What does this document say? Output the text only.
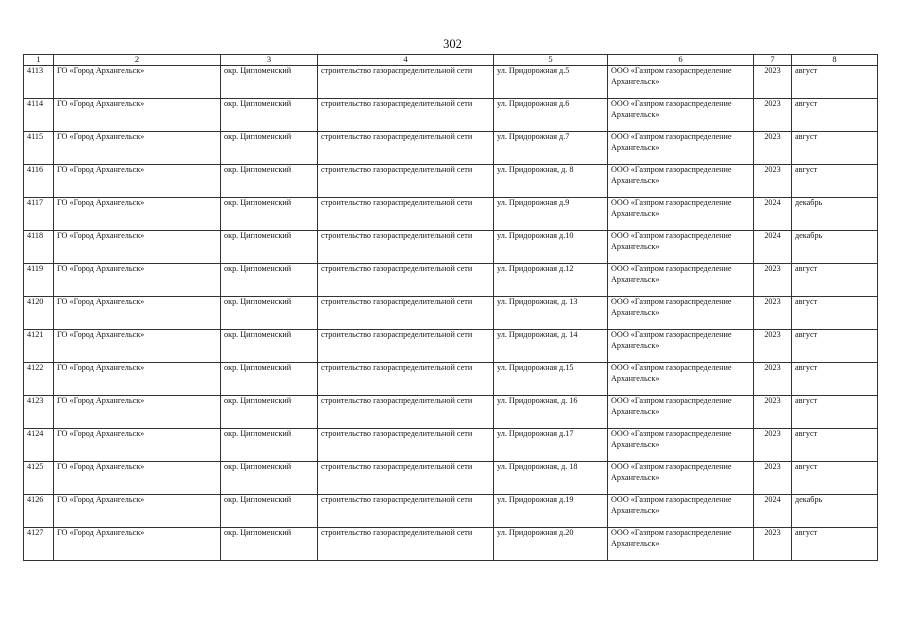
302
1	2	3	4	5	6	7	8
4113	ГО «Город Архангельск»	окр. Цигломенский	строительство газораспределительной сети	ул. Придорожная д.5	ООО «Газпром газораспределение Архангельск»	2023	август
4114	ГО «Город Архангельск»	окр. Цигломенский	строительство газораспределительной сети	ул. Придорожная д.6	ООО «Газпром газораспределение Архангельск»	2023	август
4115	ГО «Город Архангельск»	окр. Цигломенский	строительство газораспределительной сети	ул. Придорожная д.7	ООО «Газпром газораспределение Архангельск»	2023	август
4116	ГО «Город Архангельск»	окр. Цигломенский	строительство газораспределительной сети	ул. Придорожная, д. 8	ООО «Газпром газораспределение Архангельск»	2023	август
4117	ГО «Город Архангельск»	окр. Цигломенский	строительство газораспределительной сети	ул. Придорожная д.9	ООО «Газпром газораспределение Архангельск»	2024	декабрь
4118	ГО «Город Архангельск»	окр. Цигломенский	строительство газораспределительной сети	ул. Придорожная д.10	ООО «Газпром газораспределение Архангельск»	2024	декабрь
4119	ГО «Город Архангельск»	окр. Цигломенский	строительство газораспределительной сети	ул. Придорожная д.12	ООО «Газпром газораспределение Архангельск»	2023	август
4120	ГО «Город Архангельск»	окр. Цигломенский	строительство газораспределительной сети	ул. Придорожная, д. 13	ООО «Газпром газораспределение Архангельск»	2023	август
4121	ГО «Город Архангельск»	окр. Цигломенский	строительство газораспределительной сети	ул. Придорожная, д. 14	ООО «Газпром газораспределение Архангельск»	2023	август
4122	ГО «Город Архангельск»	окр. Цигломенский	строительство газораспределительной сети	ул. Придорожная д.15	ООО «Газпром газораспределение Архангельск»	2023	август
4123	ГО «Город Архангельск»	окр. Цигломенский	строительство газораспределительной сети	ул. Придорожная, д. 16	ООО «Газпром газораспределение Архангельск»	2023	август
4124	ГО «Город Архангельск»	окр. Цигломенский	строительство газораспределительной сети	ул. Придорожная д.17	ООО «Газпром газораспределение Архангельск»	2023	август
4125	ГО «Город Архангельск»	окр. Цигломенский	строительство газораспределительной сети	ул. Придорожная, д. 18	ООО «Газпром газораспределение Архангельск»	2023	август
4126	ГО «Город Архангельск»	окр. Цигломенский	строительство газораспределительной сети	ул. Придорожная д.19	ООО «Газпром газораспределение Архангельск»	2024	декабрь
4127	ГО «Город Архангельск»	окр. Цигломенский	строительство газораспределительной сети	ул. Придорожная д.20	ООО «Газпром газораспределение Архангельск»	2023	август
